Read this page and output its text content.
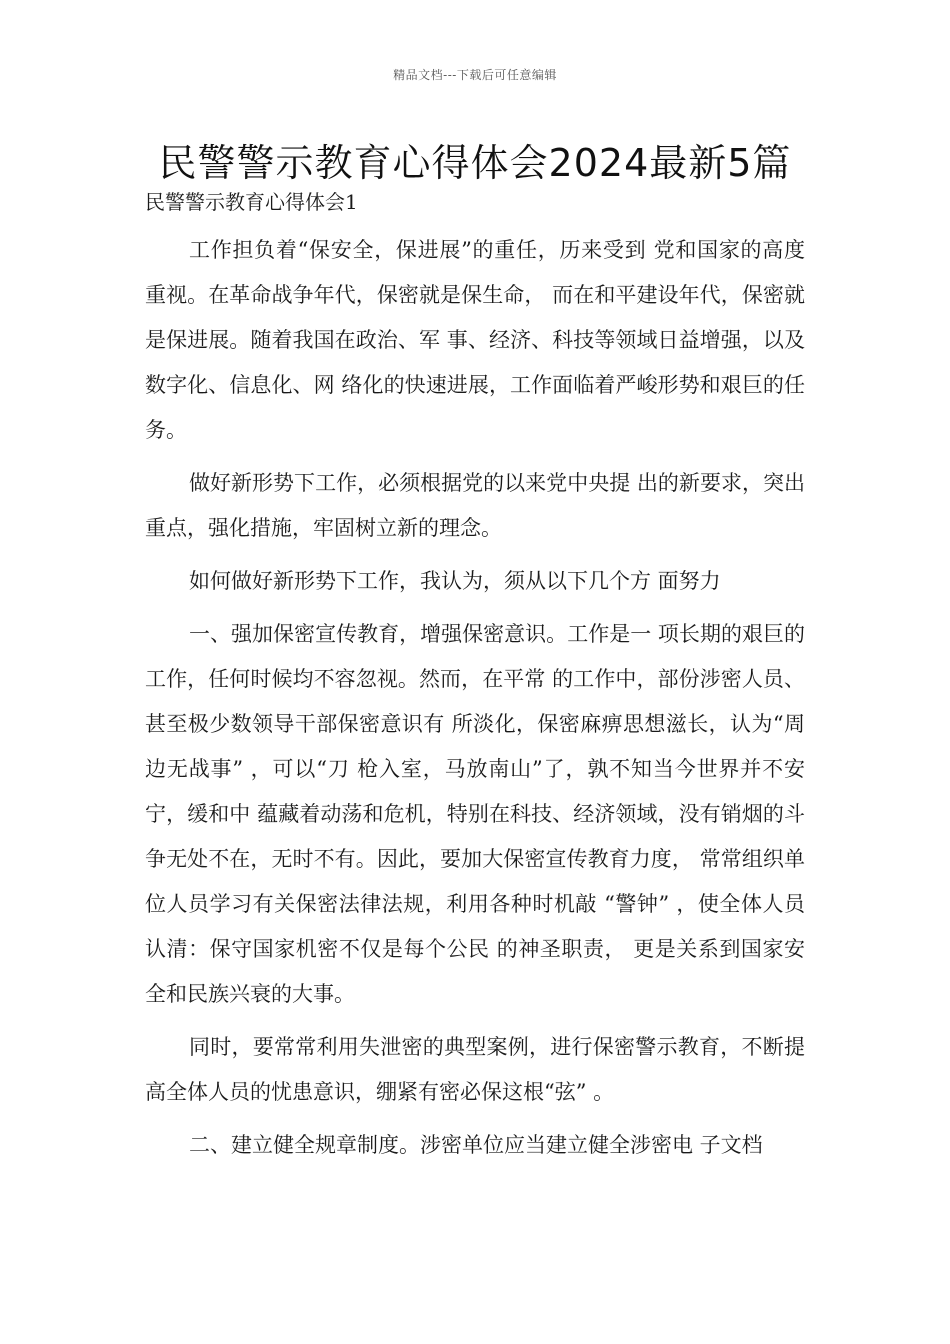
精品文档---下载后可任意编辑
民警警示教育心得体会2024最新5篇
民警警示教育心得体会1

工作担负着“保安全，保进展”的重任，历来受到 党和国家的高度重视。在革命战争年代，保密就是保生命， 而在和平建设年代，保密就是保进展。随着我国在政治、军 事、经济、科技等领域日益增强，以及数字化、信息化、网 络化的快速进展，工作面临着严峻形势和艰巨的任务。

做好新形势下工作，必须根据党的以来党中央提 出的新要求，突出重点，强化措施，牢固树立新的理念。

如何做好新形势下工作，我认为，须从以下几个方 面努力

一、强加保密宣传教育，增强保密意识。工作是一 项长期的艰巨的工作，任何时候均不容忽视。然而，在平常 的工作中，部份涉密人员、甚至极少数领导干部保密意识有 所淡化，保密麻痹思想滋长，认为“周边无战事” ，可以“刀 枪入室，马放南山”了，孰不知当今世界并不安宁，缓和中 蕴藏着动荡和危机，特别在科技、经济领域，没有销烟的斗 争无处不在，无时不有。因此，要加大保密宣传教育力度， 常常组织单位人员学习有关保密法律法规，利用各种时机敲 “警钟” ，使全体人员认清：保守国家机密不仅是每个公民 的神圣职责， 更是关系到国家安全和民族兴衰的大事。

同时，要常常利用失泄密的典型案例，进行保密警示教育，不断提 高全体人员的忧患意识，绷紧有密必保这根“弦” 。

二、建立健全规章制度。涉密单位应当建立健全涉密电 子文档
